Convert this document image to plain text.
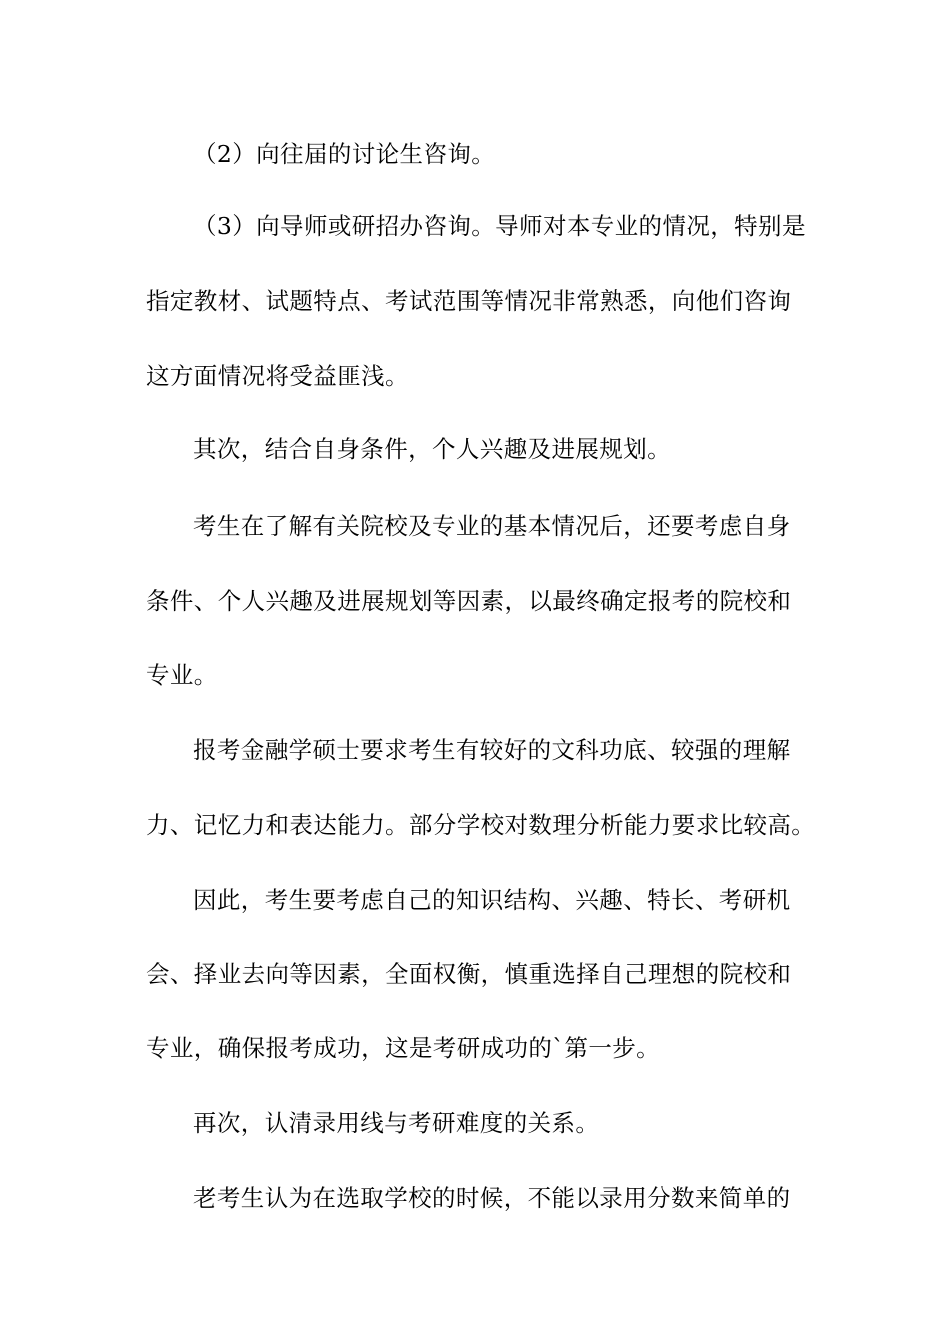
（2）向往届的讨论生咨询。
（3）向导师或研招办咨询。导师对本专业的情况，特别是
指定教材、试题特点、考试范围等情况非常熟悉，向他们咨询
这方面情况将受益匪浅。
其次，结合自身条件，个人兴趣及进展规划。
考生在了解有关院校及专业的基本情况后，还要考虑自身
条件、个人兴趣及进展规划等因素，以最终确定报考的院校和
专业。
报考金融学硕士要求考生有较好的文科功底、较强的理解
力、记忆力和表达能力。部分学校对数理分析能力要求比较高。
因此，考生要考虑自己的知识结构、兴趣、特长、考研机
会、择业去向等因素，全面权衡，慎重选择自己理想的院校和
专业，确保报考成功，这是考研成功的`第一步。
再次，认清录用线与考研难度的关系。
老考生认为在选取学校的时候，不能以录用分数来简单的
